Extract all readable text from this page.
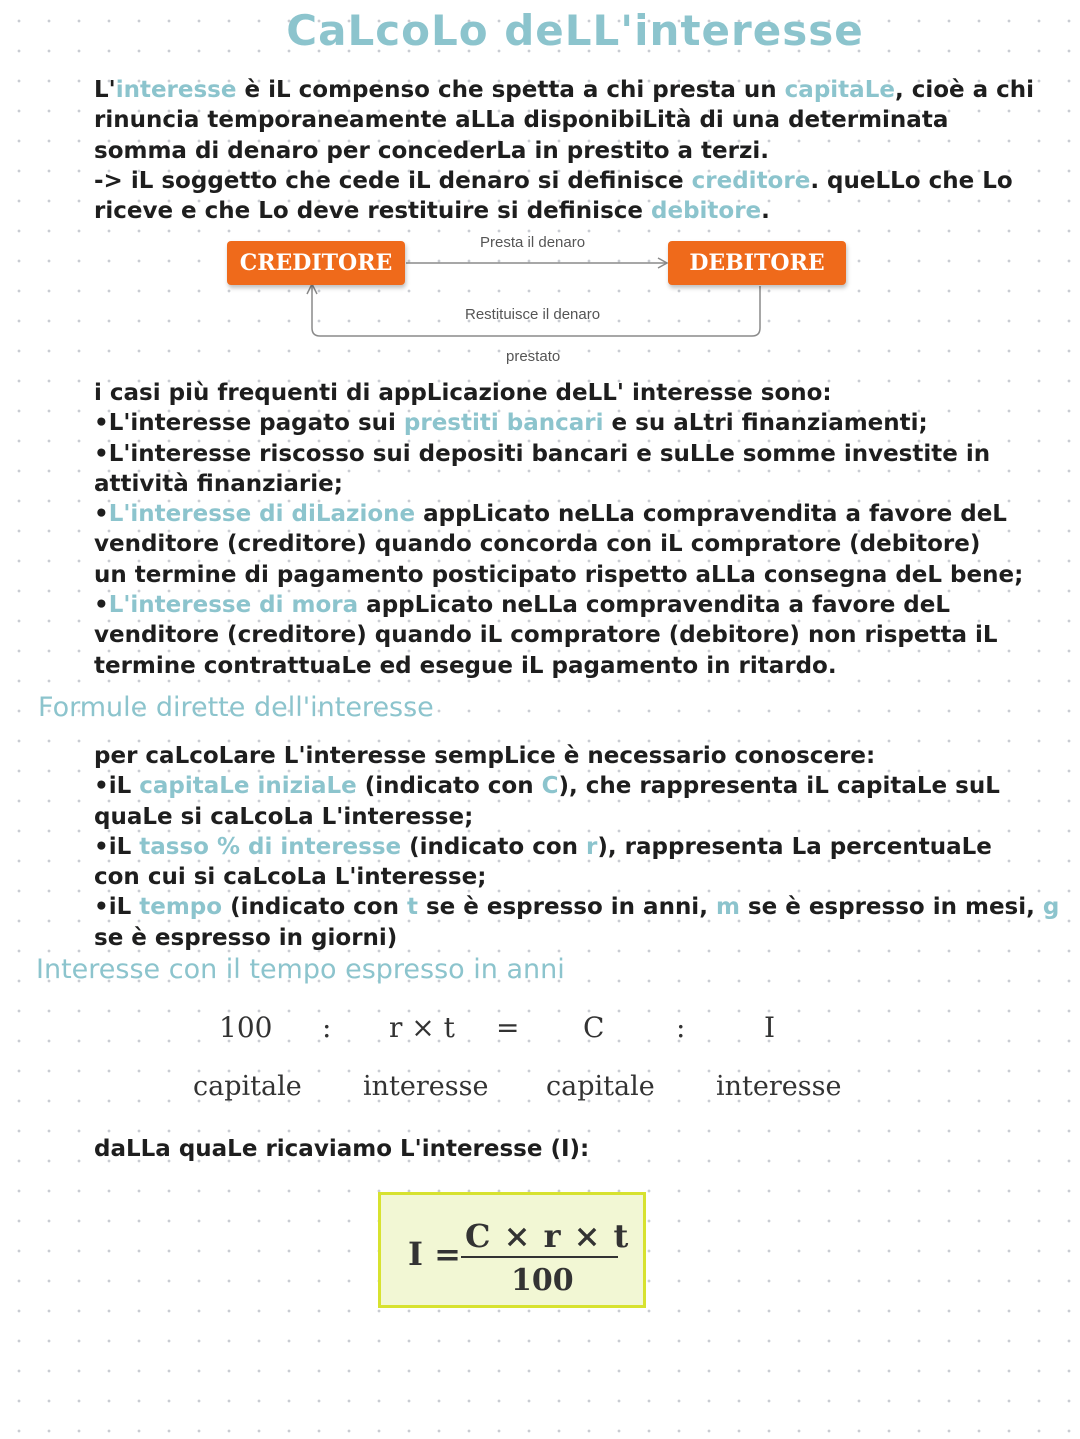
CaLcoLo deLL'interesse
L'interesse è iL compenso che spetta a chi presta un capitaLe, cioè a chi
rinuncia temporaneamente aLLa disponibiLità di una determinata
somma di denaro per concederLa in prestito a terzi.
-> iL soggetto che cede iL denaro si definisce creditore. queLLo che Lo
riceve e che Lo deve restituire si definisce debitore.
CREDITORE	DEBITORE
Presta il denaro
Restituisce il denaro
prestato
i casi più frequenti di appLicazione deLL' interesse sono:
•L'interesse pagato sui prestiti bancari e su aLtri finanziamenti;
•L'interesse riscosso sui depositi bancari e suLLe somme investite in
attività finanziarie;
•L'interesse di diLazione appLicato neLLa compravendita a favore deL
venditore (creditore) quando concorda con iL compratore (debitore)
un termine di pagamento posticipato rispetto aLLa consegna deL bene;
•L'interesse di mora appLicato neLLa compravendita a favore deL
venditore (creditore) quando iL compratore (debitore) non rispetta iL
termine contrattuaLe ed esegue iL pagamento in ritardo.
Formule dirette dell'interesse
per caLcoLare L'interesse sempLice è necessario conoscere:
•iL capitaLe iniziaLe (indicato con C), che rappresenta iL capitaLe suL
quaLe si caLcoLa L'interesse;
•iL tasso % di interesse (indicato con r), rappresenta La percentuaLe
con cui si caLcoLa L'interesse;
•iL tempo (indicato con t se è espresso in anni, m se è espresso in mesi, g
se è espresso in giorni)
Interesse con il tempo espresso in anni
100 : r × t = C	:	I
capitale interesse capitale interesse
daLLa quaLe ricaviamo L'interesse (I):
I = C × r × t
100
